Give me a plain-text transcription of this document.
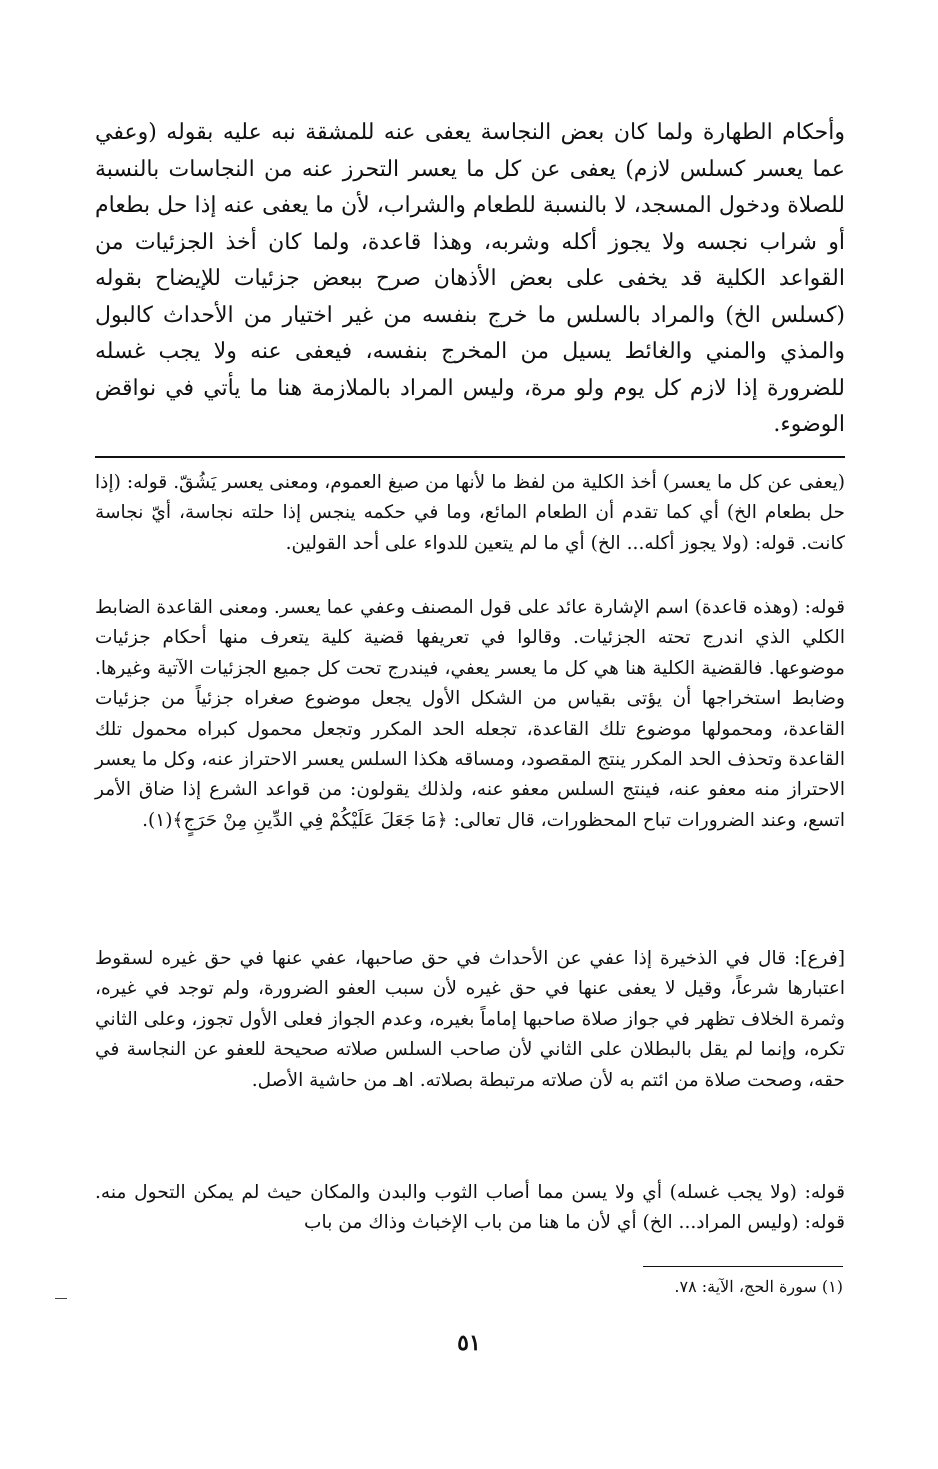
وأحكام الطهارة ولما كان بعض النجاسة يعفى عنه للمشقة نبه عليه بقوله (وعفي عما يعسر كسلس لازم) يعفى عن كل ما يعسر التحرز عنه من النجاسات بالنسبة للصلاة ودخول المسجد، لا بالنسبة للطعام والشراب، لأن ما يعفى عنه إذا حل بطعام أو شراب نجسه ولا يجوز أكله وشربه، وهذا قاعدة، ولما كان أخذ الجزئيات من القواعد الكلية قد يخفى على بعض الأذهان صرح ببعض جزئيات للإيضاح بقوله (كسلس الخ) والمراد بالسلس ما خرج بنفسه من غير اختيار من الأحداث كالبول والمذي والمني والغائط يسيل من المخرج بنفسه، فيعفى عنه ولا يجب غسله للضرورة إذا لازم كل يوم ولو مرة، وليس المراد بالملازمة هنا ما يأتي في نواقض الوضوء.

(يعفى عن كل ما يعسر) أخذ الكلية من لفظ ما لأنها من صيغ العموم، ومعنى يعسر يَشُقّ. قوله: (إذا حل بطعام الخ) أي كما تقدم أن الطعام المائع، وما في حكمه ينجس إذا حلته نجاسة، أيّ نجاسة كانت. قوله: (ولا يجوز أكله... الخ) أي ما لم يتعين للدواء على أحد القولين.

قوله: (وهذه قاعدة) اسم الإشارة عائد على قول المصنف وعفي عما يعسر. ومعنى القاعدة الضابط الكلي الذي اندرج تحته الجزئيات. وقالوا في تعريفها قضية كلية يتعرف منها أحكام جزئيات موضوعها. فالقضية الكلية هنا هي كل ما يعسر يعفي، فيندرج تحت كل جميع الجزئيات الآتية وغيرها. وضابط استخراجها أن يؤتى بقياس من الشكل الأول يجعل موضوع صغراه جزئياً من جزئيات القاعدة، ومحمولها موضوع تلك القاعدة، تجعله الحد المكرر وتجعل محمول كبراه محمول تلك القاعدة وتحذف الحد المكرر ينتج المقصود، ومساقه هكذا السلس يعسر الاحتراز عنه، وكل ما يعسر الاحتراز منه معفو عنه، فينتج السلس معفو عنه، ولذلك يقولون: من قواعد الشرع إذا ضاق الأمر اتسع، وعند الضرورات تباح المحظورات، قال تعالى: ﴿مَا جَعَلَ عَلَيْكُمْ فِي الدِّينِ مِنْ حَرَجٍ﴾(١).

[فرع]: قال في الذخيرة إذا عفي عن الأحداث في حق صاحبها، عفي عنها في حق غيره لسقوط اعتبارها شرعاً، وقيل لا يعفى عنها في حق غيره لأن سبب العفو الضرورة، ولم توجد في غيره، وثمرة الخلاف تظهر في جواز صلاة صاحبها إماماً بغيره، وعدم الجواز فعلى الأول تجوز، وعلى الثاني تكره، وإنما لم يقل بالبطلان على الثاني لأن صاحب السلس صلاته صحيحة للعفو عن النجاسة في حقه، وصحت صلاة من ائتم به لأن صلاته مرتبطة بصلاته. اهـ من حاشية الأصل.

قوله: (ولا يجب غسله) أي ولا يسن مما أصاب الثوب والبدن والمكان حيث لم يمكن التحول منه. قوله: (وليس المراد... الخ) أي لأن ما هنا من باب الإخباث وذاك من باب

(١) سورة الحج، الآية: ٧٨.
٥١
